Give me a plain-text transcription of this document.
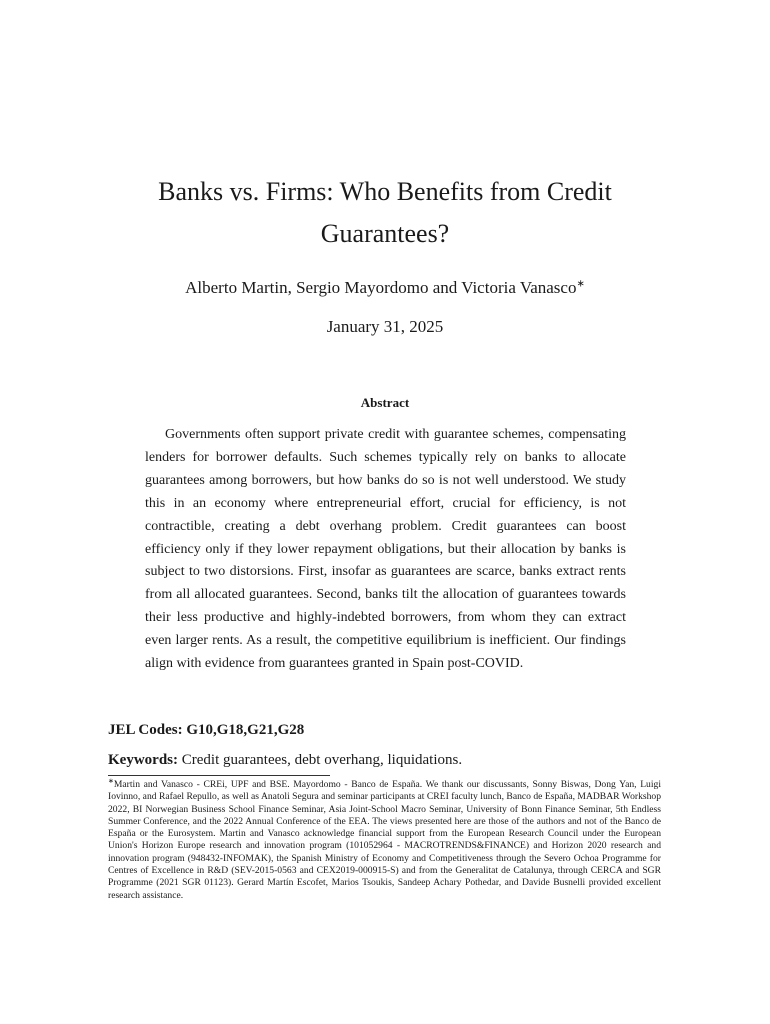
Banks vs. Firms: Who Benefits from Credit
Guarantees?
Alberto Martin, Sergio Mayordomo and Victoria Vanasco∗
January 31, 2025
Abstract

Governments often support private credit with guarantee schemes, compensating lenders for borrower defaults. Such schemes typically rely on banks to allocate guarantees among borrowers, but how banks do so is not well understood. We study this in an economy where entrepreneurial effort, crucial for efficiency, is not contractible, creating a debt overhang problem. Credit guarantees can boost efficiency only if they lower repayment obligations, but their allocation by banks is subject to two distorsions. First, insofar as guarantees are scarce, banks extract rents from all allocated guarantees. Second, banks tilt the allocation of guarantees towards their less productive and highly-indebted borrowers, from whom they can extract even larger rents. As a result, the competitive equilibrium is inefficient. Our findings align with evidence from guarantees granted in Spain post-COVID.

JEL Codes: G10,G18,G21,G28
Keywords: Credit guarantees, debt overhang, liquidations.

∗Martin and Vanasco - CREi, UPF and BSE. Mayordomo - Banco de España. We thank our discussants, Sonny Biswas, Dong Yan, Luigi Iovinno, and Rafael Repullo, as well as Anatoli Segura and seminar participants at CREI faculty lunch, Banco de España, MADBAR Workshop 2022, BI Norwegian Business School Finance Seminar, Asia Joint-School Macro Seminar, University of Bonn Finance Seminar, 5th Endless Summer Conference, and the 2022 Annual Conference of the EEA. The views presented here are those of the authors and not of the Banco de España or the Eurosystem. Martin and Vanasco acknowledge financial support from the European Research Council under the European Union's Horizon Europe research and innovation program (101052964 - MACROTRENDS&FINANCE) and Horizon 2020 research and innovation program (948432-INFOMAK), the Spanish Ministry of Economy and Competitiveness through the Severo Ochoa Programme for Centres of Excellence in R&D (SEV-2015-0563 and CEX2019-000915-S) and from the Generalitat de Catalunya, through CERCA and SGR Programme (2021 SGR 01123). Gerard Martín Escofet, Marios Tsoukis, Sandeep Achary Pothedar, and Davide Busnelli provided excellent research assistance.
